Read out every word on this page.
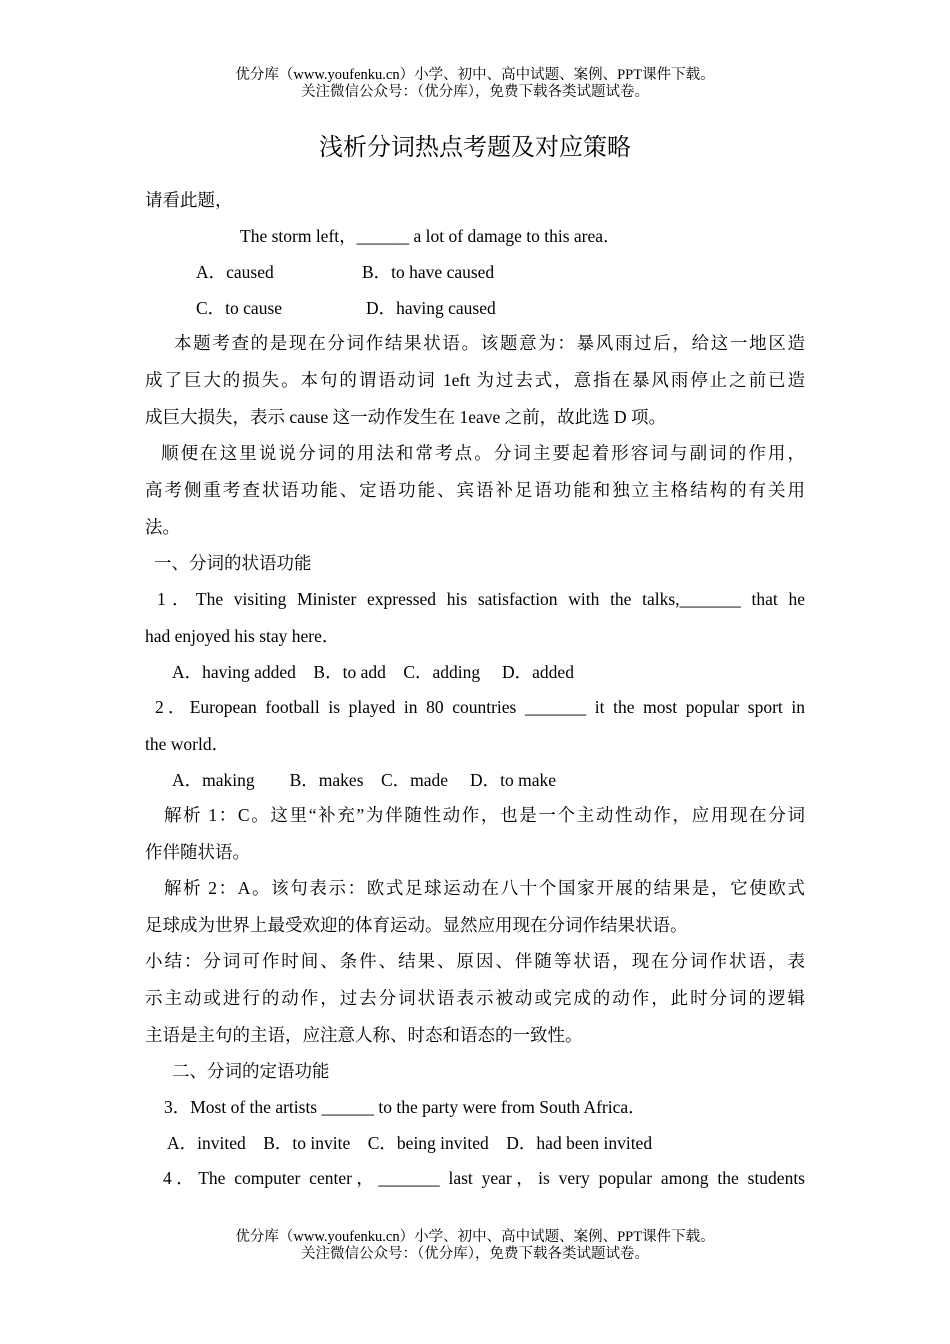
优分库（www.youfenku.cn）小学、初中、高中试题、案例、PPT课件下载。
关注微信公众号：（优分库），免费下载各类试题试卷。
浅析分词热点考题及对应策略
请看此题，
The storm left，______ a lot of damage to this area．
A．caused	B．to have caused
C．to cause	D．having caused
本题考查的是现在分词作结果状语。该题意为：暴风雨过后，给这一地区造
成了巨大的损失。本句的谓语动词 1eft 为过去式，意指在暴风雨停止之前已造
成巨大损失，表示 cause 这一动作发生在 1eave 之前，故此选 D 项。
顺便在这里说说分词的用法和常考点。分词主要起着形容词与副词的作用，
高考侧重考查状语功能、定语功能、宾语补足语功能和独立主格结构的有关用
法。
一、分词的状语功能
1．The visiting Minister expressed his satisfaction with the talks,_______ that he
had enjoyed his stay here．
A．having added　B．to add　C．adding　 D．added
2．European football is played in 80 countries _______ it the most popular sport in
the world．
A．making　　B．makes　C．made　 D．to make
解析 1：C。这里“补充”为伴随性动作，也是一个主动性动作，应用现在分词
作伴随状语。
解析 2：A。该句表示：欧式足球运动在八十个国家开展的结果是，它使欧式
足球成为世界上最受欢迎的体育运动。显然应用现在分词作结果状语。
小结：分词可作时间、条件、结果、原因、伴随等状语，现在分词作状语，表
示主动或进行的动作，过去分词状语表示被动或完成的动作，此时分词的逻辑
主语是主句的主语，应注意人称、时态和语态的一致性。
二、分词的定语功能
3．Most of the artists ______ to the party were from South Africa．
A．invited　B．to invite　C．being invited　D．had been invited
4．The computer center，_______ last year，is very popular among the students
优分库（www.youfenku.cn）小学、初中、高中试题、案例、PPT课件下载。
关注微信公众号：（优分库），免费下载各类试题试卷。
